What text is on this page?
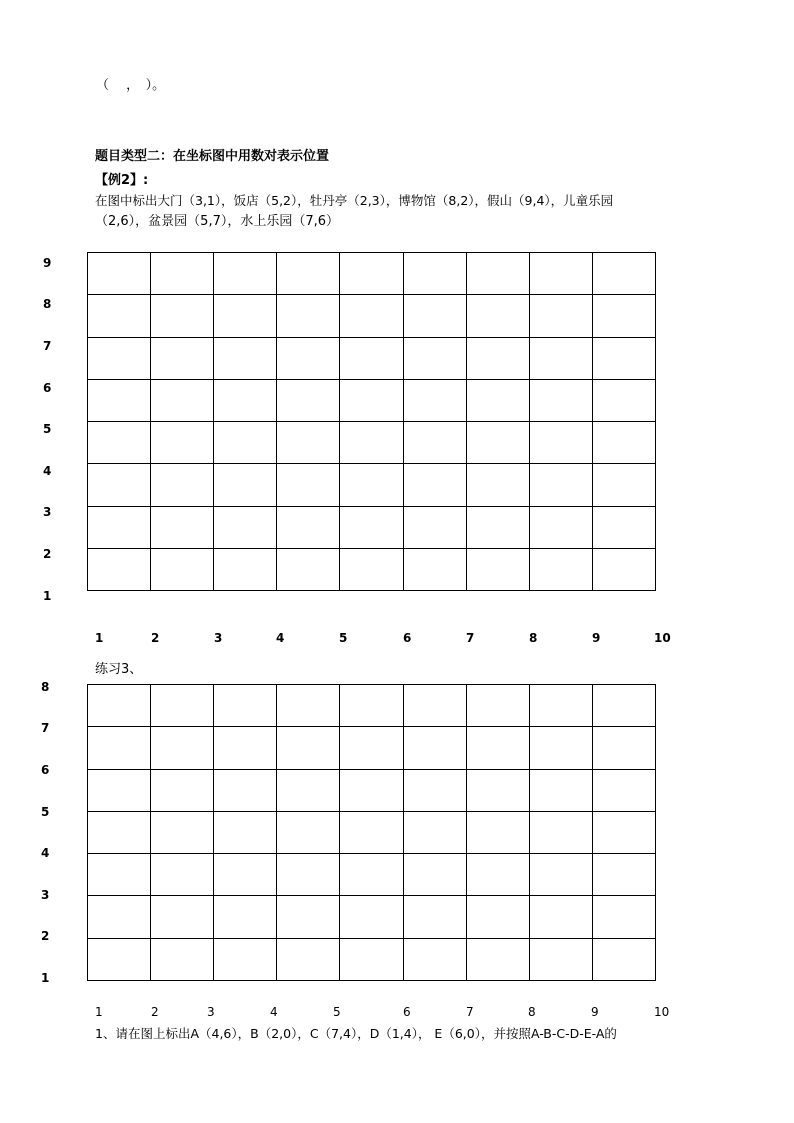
（　 ，　）。
题目类型二：在坐标图中用数对表示位置
【例2】:
在图中标出大门（3,1），饭店（5,2），牡丹亭（2,3），博物馆（8,2），假山（9,4），儿童乐园
（2,6），盆景园（5,7），水上乐园（7,6）
9
8
7
6
5
4
3
2
1

1	2	3	4	5	6	7	8	9	10
练习3、
8
7
6
5
4
3
2
1

1	2	3	4	5	6	7	8	9	10
1、请在图上标出A（4,6），B（2,0），C（7,4），D（1,4）， E（6,0），并按照A-B-C-D-E-A的
